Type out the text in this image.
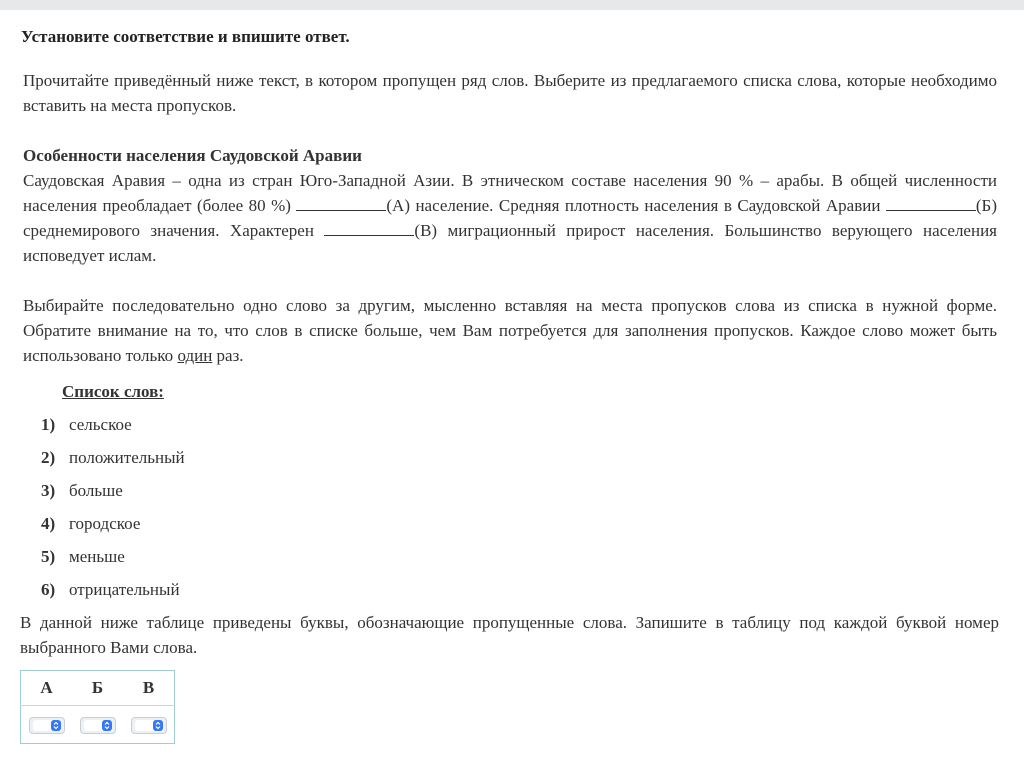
Установите соответствие и впишите ответ.
Прочитайте приведённый ниже текст, в котором пропущен ряд слов. Выберите из предлагаемого списка слова, которые необходимо вставить на места пропусков.
Особенности населения Саудовской Аравии
Саудовская Аравия – одна из стран Юго-Западной Азии. В этническом составе населения 90 % – арабы. В общей численности населения преобладает (более 80 %)	(А) население. Средняя плотность населения в Саудовской Аравии	(Б) среднемирового значения. Характерен	(В) миграционный прирост населения. Большинство верующего населения исповедует ислам.
Выбирайте последовательно одно слово за другим, мысленно вставляя на места пропусков слова из списка в нужной форме. Обратите внимание на то, что слов в списке больше, чем Вам потребуется для заполнения пропусков. Каждое слово может быть использовано только один раз.
Список слов:
1) сельское
2) положительный
3) больше
4) городское
5) меньше
6) отрицательный
В данной ниже таблице приведены буквы, обозначающие пропущенные слова. Запишите в таблицу под каждой буквой номер выбранного Вами слова.
А	Б	В
